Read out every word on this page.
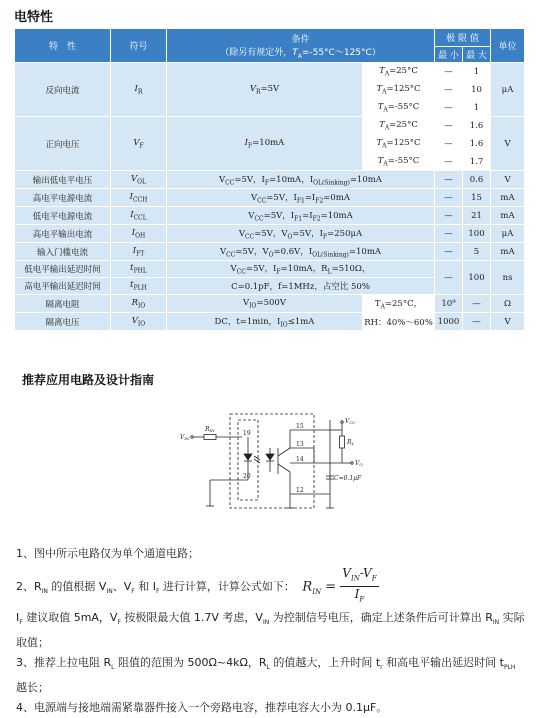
电特性
特　性	符号	条件
（除另有规定外，$T_A=-55^\circ C\sim 125^\circ C$）		极 限 值		单位
				最 小	最 大	
反向电流	$I_R$	$V_R=5V$	$T_A=25^\circ C$	—	1	μA
			$T_A=125^\circ C$	—	10	
			$T_A=-55^\circ C$	—	1	
正向电压	$V_F$	$I_F=10mA$	$T_A=25^\circ C$	—	1.6	V
			$T_A=125^\circ C$	—	1.6	
			$T_A=-55^\circ C$	—	1.7	
输出低电平电压	$V_{OL}$	$V_{CC}=5V$，$I_F=10mA$，$I_{OL(Sinking)}=10mA$		—	0.6	V
高电平电源电流	$I_{CCH}$	$V_{CC}=5V$，$I_{F1}=I_{F2}=0mA$		—	15	mA
低电平电源电流	$I_{CCL}$	$V_{CC}=5V$，$I_{F1}=I_{F2}=10mA$		—	21	mA
高电平输出电流	$I_{OH}$	$V_{CC}=5V$，$V_O=5V$，$I_F=250\mu A$		—	100	μA
输入门槛电流	$I_{FT}$	$V_{CC}=5V$，$V_O=0.6V$，$I_{OL(Sinking)}=10mA$		—	5	mA
低电平输出延迟时间	$t_{PHL}$	$V_{CC}=5V$，$I_F=10mA$，$R_L=510\Omega$，		—	100	ns
高电平输出延迟时间	$t_{PLH}$	C=0.1pF，f=1MHz，占空比 50%				
隔离电阻	$R_{IO}$	$V_{IO}=500V$	$T_A=25^\circ C$，	10⁹	—	Ω
隔离电压	$V_{IO}$	DC，t=1min，$I_{IO}\le 1mA$	RH：40%～60%	1000	—	V
推荐应用电路及设计指南
VIN
RIN	19
20
15
13
14
12
VCC
RL
VO
C=0.1μF
1、图中所示电路仅为单个通道电路；
2、$R_{IN}$ 的值根据 $V_{IN}$、$V_F$ 和 $I_F$ 进行计算，计算公式如下： $R_{IN} = \frac{V_{IN}-V_F}{I_F}$
$I_F$ 建议取值 5mA，$V_F$ 按极限最大值 1.7V 考虑，$V_{IN}$ 为控制信号电压，确定上述条件后可计算出 $R_{IN}$ 实际取值；
3、推荐上拉电阻 $R_L$ 阻值的范围为 500Ω~4kΩ，$R_L$ 的值越大，上升时间 $t_r$ 和高电平输出延迟时间 $t_{PLH}$ 越长；
4、电源端与接地端需紧靠器件接入一个旁路电容，推荐电容大小为 0.1μF。
